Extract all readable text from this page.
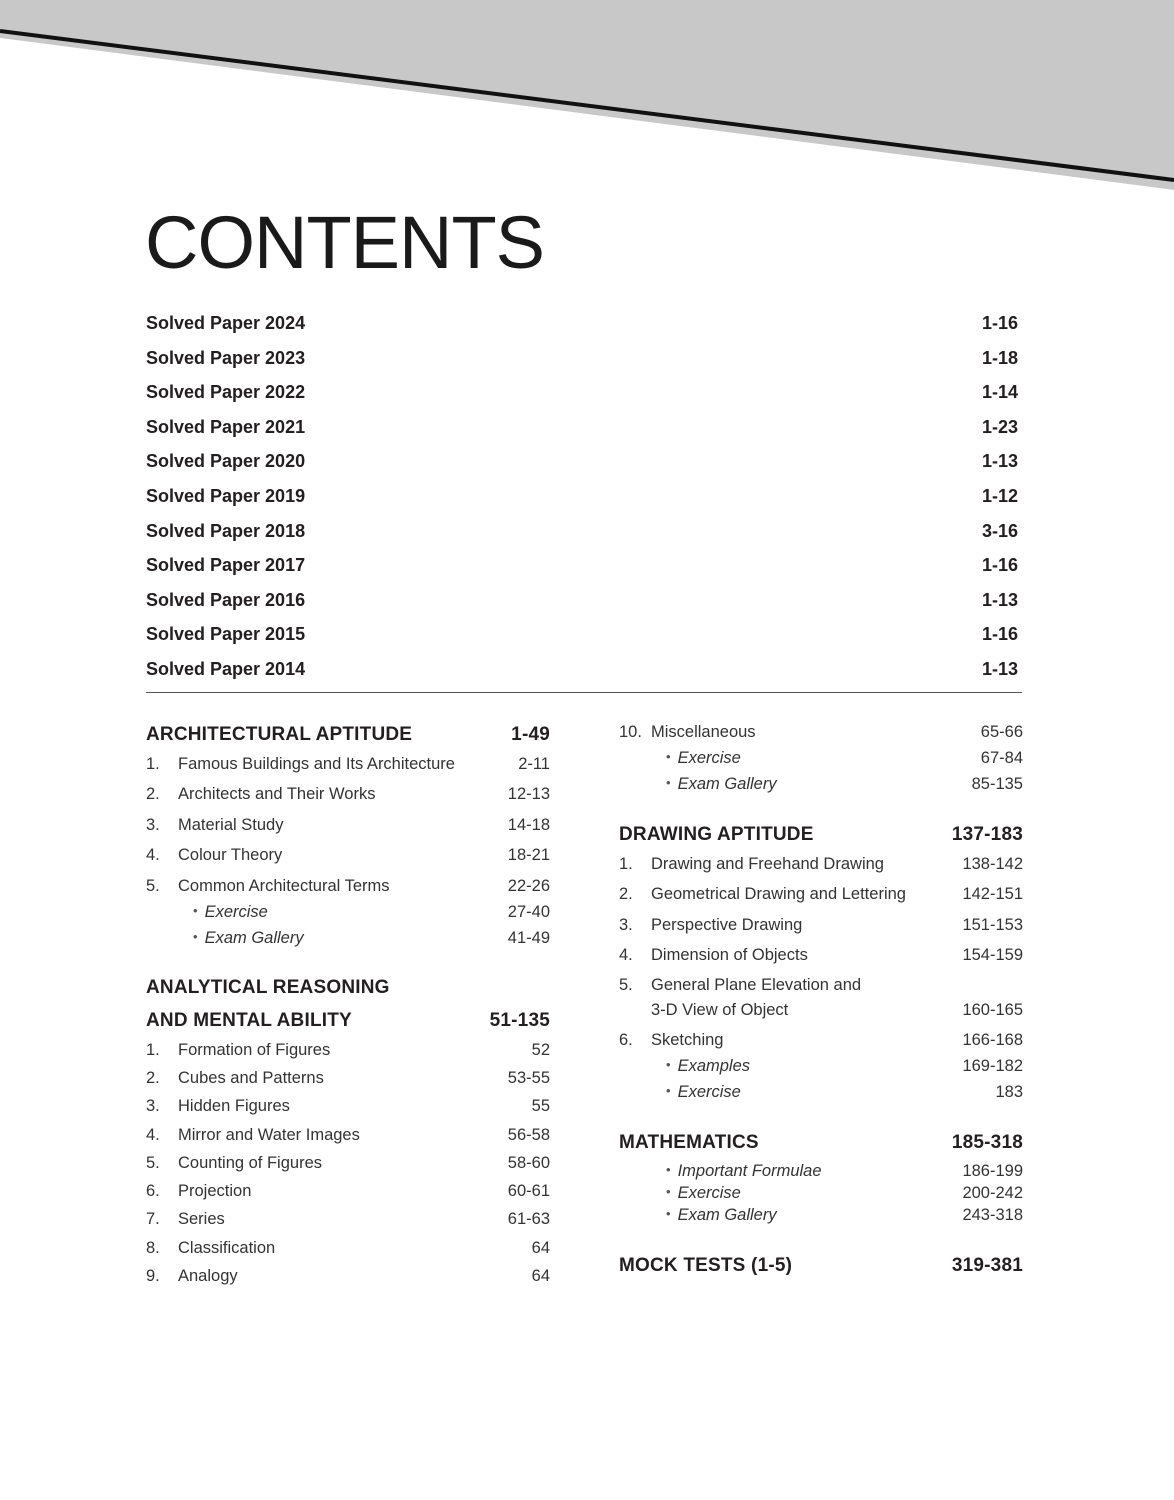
CONTENTS
Solved Paper 2024	1-16
Solved Paper 2023	1-18
Solved Paper 2022	1-14
Solved Paper 2021	1-23
Solved Paper 2020	1-13
Solved Paper 2019	1-12
Solved Paper 2018	3-16
Solved Paper 2017	1-16
Solved Paper 2016	1-13
Solved Paper 2015	1-16
Solved Paper 2014	1-13
ARCHITECTURAL APTITUDE	1-49
1.	Famous Buildings and Its Architecture	2-11
2.	Architects and Their Works	12-13
3.	Material Study	14-18
4.	Colour Theory	18-21
5.	Common Architectural Terms	22-26
• Exercise	27-40
• Exam Gallery	41-49
ANALYTICAL REASONING
AND MENTAL ABILITY	51-135
1.	Formation of Figures	52
2.	Cubes and Patterns	53-55
3.	Hidden Figures	55
4.	Mirror and Water Images	56-58
5.	Counting of Figures	58-60
6.	Projection	60-61
7.	Series	61-63
8.	Classification	64
9.	Analogy	64
10. Miscellaneous	65-66
• Exercise	67-84
• Exam Gallery	85-135
DRAWING APTITUDE	137-183
1.	Drawing and Freehand Drawing	138-142
2.	Geometrical Drawing and Lettering	142-151
3.	Perspective Drawing	151-153
4.	Dimension of Objects	154-159
5.	General Plane Elevation and
3-D View of Object	160-165
6.	Sketching	166-168
• Examples	169-182
• Exercise	183
MATHEMATICS	185-318
• Important Formulae	186-199
• Exercise	200-242
• Exam Gallery	243-318
MOCK TESTS (1-5)	319-381
